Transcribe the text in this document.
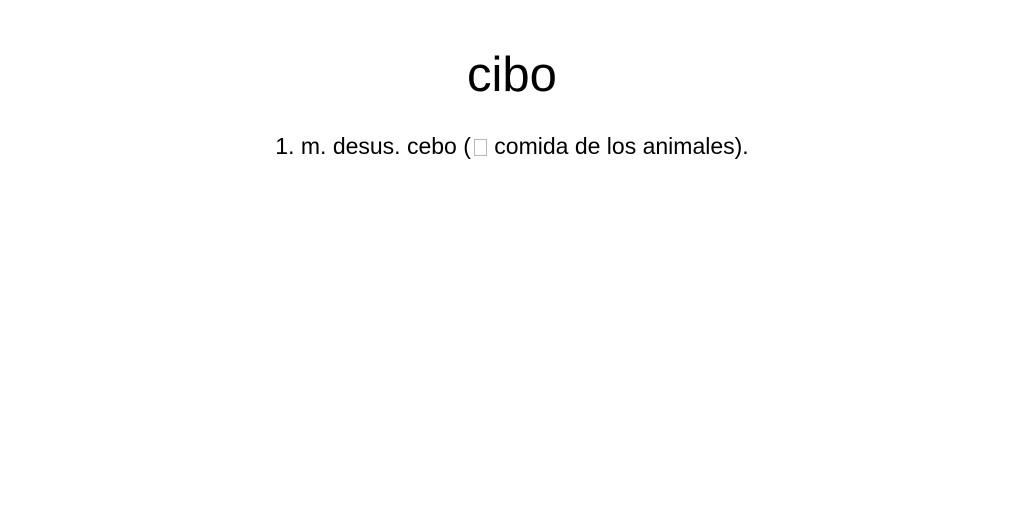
cibo

1. m. desus. cebo ( comida de los animales).
